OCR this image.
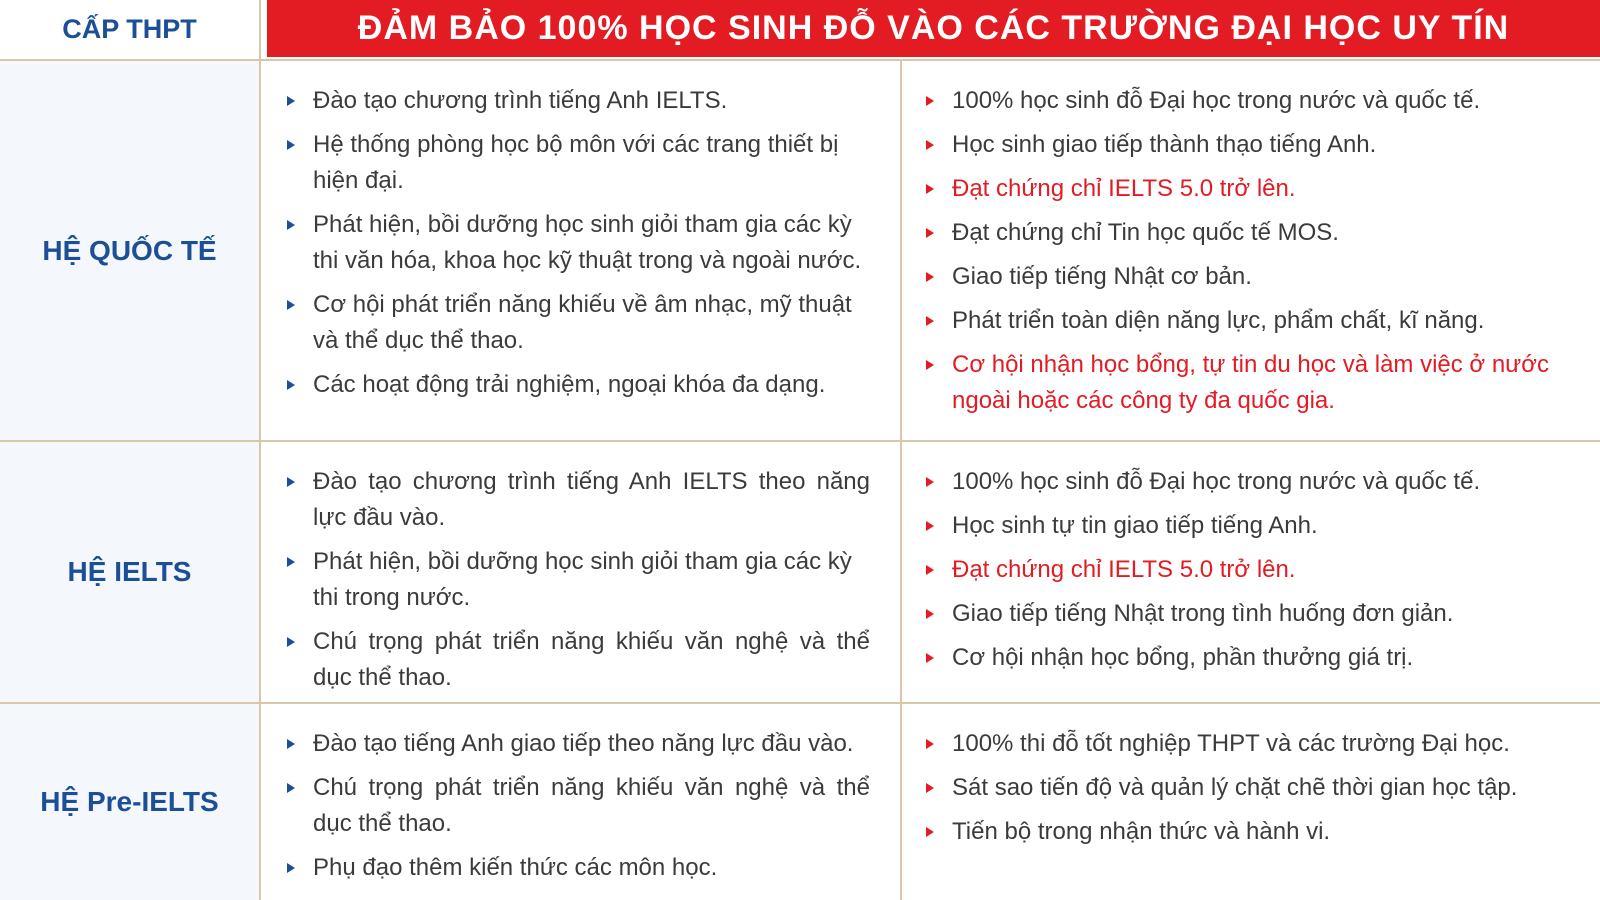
CẤP THPT	ĐẢM BẢO 100% HỌC SINH ĐỖ VÀO CÁC TRƯỜNG ĐẠI HỌC UY TÍN
HỆ QUỐC TẾ
Đào tạo chương trình tiếng Anh IELTS.
Hệ thống phòng học bộ môn với các trang thiết bị hiện đại.
Phát hiện, bồi dưỡng học sinh giỏi tham gia các kỳ thi văn hóa, khoa học kỹ thuật trong và ngoài nước.
Cơ hội phát triển năng khiếu về âm nhạc, mỹ thuật và thể dục thể thao.
Các hoạt động trải nghiệm, ngoại khóa đa dạng.
100% học sinh đỗ Đại học trong nước và quốc tế.
Học sinh giao tiếp thành thạo tiếng Anh.
Đạt chứng chỉ IELTS 5.0 trở lên.
Đạt chứng chỉ Tin học quốc tế MOS.
Giao tiếp tiếng Nhật cơ bản.
Phát triển toàn diện năng lực, phẩm chất, kĩ năng.
Cơ hội nhận học bổng, tự tin du học và làm việc ở nước ngoài hoặc các công ty đa quốc gia.
HỆ IELTS
Đào tạo chương trình tiếng Anh IELTS theo năng lực đầu vào.
Phát hiện, bồi dưỡng học sinh giỏi tham gia các kỳ thi trong nước.
Chú trọng phát triển năng khiếu văn nghệ và thể dục thể thao.
100% học sinh đỗ Đại học trong nước và quốc tế.
Học sinh tự tin giao tiếp tiếng Anh.
Đạt chứng chỉ IELTS 5.0 trở lên.
Giao tiếp tiếng Nhật trong tình huống đơn giản.
Cơ hội nhận học bổng, phần thưởng giá trị.
HỆ Pre-IELTS
Đào tạo tiếng Anh giao tiếp theo năng lực đầu vào.
Chú trọng phát triển năng khiếu văn nghệ và thể dục thể thao.
Phụ đạo thêm kiến thức các môn học.
100% thi đỗ tốt nghiệp THPT và các trường Đại học.
Sát sao tiến độ và quản lý chặt chẽ thời gian học tập.
Tiến bộ trong nhận thức và hành vi.
